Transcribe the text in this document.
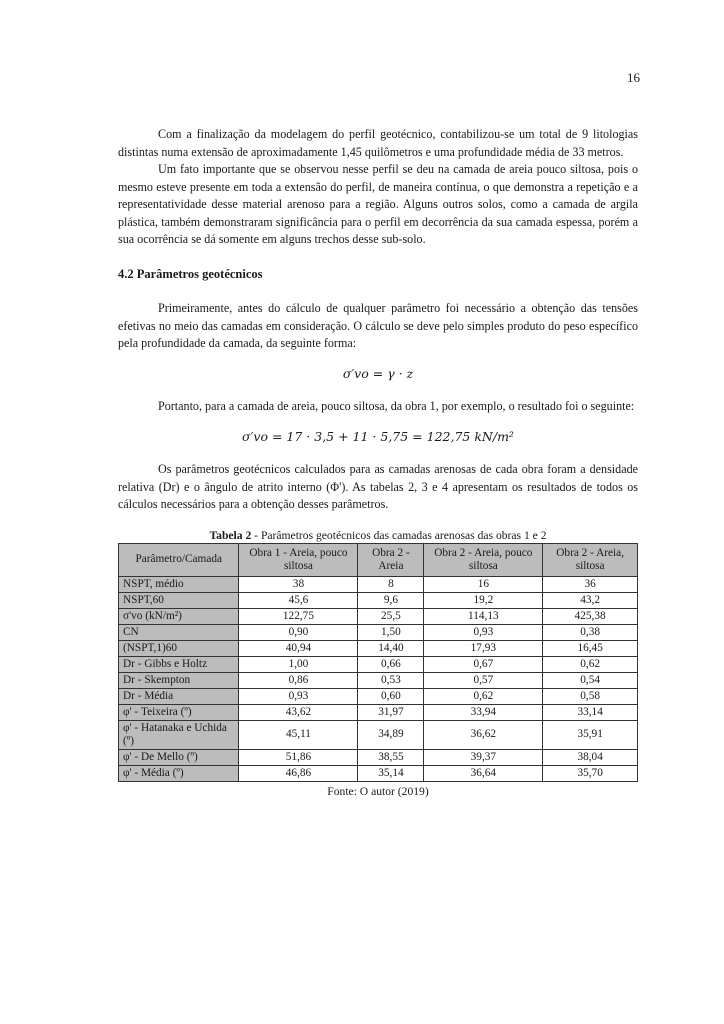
16

Com a finalização da modelagem do perfil geotécnico, contabilizou-se um total de 9 litologias distintas numa extensão de aproximadamente 1,45 quilômetros e uma profundidade média de 33 metros.

Um fato importante que se observou nesse perfil se deu na camada de areia pouco siltosa, pois o mesmo esteve presente em toda a extensão do perfil, de maneira contínua, o que demonstra a repetição e a representatividade desse material arenoso para a região. Alguns outros solos, como a camada de argila plástica, também demonstraram significância para o perfil em decorrência da sua camada espessa, porém a sua ocorrência se dá somente em alguns trechos desse sub-solo.

4.2 Parâmetros geotécnicos

Primeiramente, antes do cálculo de qualquer parâmetro foi necessário a obtenção das tensões efetivas no meio das camadas em consideração. O cálculo se deve pelo simples produto do peso específico pela profundidade da camada, da seguinte forma:

σ′vo = γ · z

Portanto, para a camada de areia, pouco siltosa, da obra 1, por exemplo, o resultado foi o seguinte:

σ′vo = 17 · 3,5 + 11 · 5,75 = 122,75 kN/m²

Os parâmetros geotécnicos calculados para as camadas arenosas de cada obra foram a densidade relativa (Dr) e o ângulo de atrito interno (Φ'). As tabelas 2, 3 e 4 apresentam os resultados de todos os cálculos necessários para a obtenção desses parâmetros.

Tabela 2 - Parâmetros geotécnicos das camadas arenosas das obras 1 e 2
Parâmetro/Camada	Obra 1 - Areia, pouco siltosa	Obra 2 - Areia	Obra 2 - Areia, pouco siltosa	Obra 2 - Areia, siltosa
NSPT, médio	38	8	16	36
NSPT,60	45,6	9,6	19,2	43,2
σ'vo (kN/m²)	122,75	25,5	114,13	425,38
CN	0,90	1,50	0,93	0,38
(NSPT,1)60	40,94	14,40	17,93	16,45
Dr - Gibbs e Holtz	1,00	0,66	0,67	0,62
Dr - Skempton	0,86	0,53	0,57	0,54
Dr - Média	0,93	0,60	0,62	0,58
φ' - Teixeira (º)	43,62	31,97	33,94	33,14
φ' - Hatanaka e Uchida (º)	45,11	34,89	36,62	35,91
φ' - De Mello (º)	51,86	38,55	39,37	38,04
φ' - Média (º)	46,86	35,14	36,64	35,70
Fonte: O autor (2019)
